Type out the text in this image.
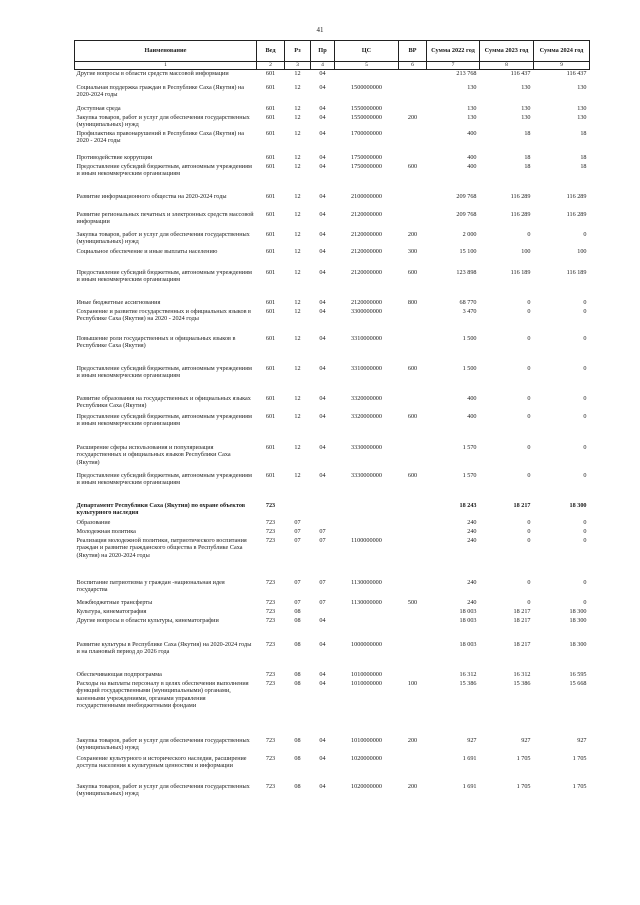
41
Наименование	Вед	Рз	Пр	ЦС	ВР	Сумма 2022 год	Сумма 2023 год	Сумма 2024 год
1	2	3	4	5	6	7	8	9
Другие вопросы в области средств массовой информации	601	12	04			213 768	116 437	116 437
Социальная поддержка граждан в Республике Саха (Якутия) на 2020-2024 годы	601	12	04	1500000000		130	130	130
Доступная среда	601	12	04	1550000000		130	130	130
Закупка товаров, работ и услуг для обеспечения государственных (муниципальных) нужд	601	12	04	1550000000	200	130	130	130
Профилактика правонарушений в Республике Саха (Якутия) на 2020 - 2024 годы	601	12	04	1700000000		400	18	18
Противодействие коррупции	601	12	04	1750000000		400	18	18
Предоставление субсидий бюджетным, автономным учреждениям и иным некоммерческим организациям	601	12	04	1750000000	600	400	18	18
Развитие информационного общества на 2020-2024 годы	601	12	04	2100000000		209 768	116 289	116 289
Развитие региональных печатных и электронных средств массовой информации	601	12	04	2120000000		209 768	116 289	116 289
Закупка товаров, работ и услуг для обеспечения государственных (муниципальных) нужд	601	12	04	2120000000	200	2 000	0	0
Социальное обеспечение и иные выплаты населению	601	12	04	2120000000	300	15 100	100	100
Предоставление субсидий бюджетным, автономным учреждениям и иным некоммерческим организациям	601	12	04	2120000000	600	123 898	116 189	116 189
Иные бюджетные ассигнования	601	12	04	2120000000	800	68 770	0	0
Сохранение и развитие государственных и официальных языков в Республике Саха (Якутия) на 2020 - 2024 годы	601	12	04	3300000000		3 470	0	0
Повышение роли государственных и официальных языков в Республике Саха (Якутия)	601	12	04	3310000000		1 500	0	0
Предоставление субсидий бюджетным, автономным учреждениям и иным некоммерческим организациям	601	12	04	3310000000	600	1 500	0	0
Развитие образования на государственных и официальных языках Республики Саха (Якутия)	601	12	04	3320000000		400	0	0
Предоставление субсидий бюджетным, автономным учреждениям и иным некоммерческим организациям	601	12	04	3320000000	600	400	0	0
Расширение сферы использования и популяризация государственных и официальных языков Республики Саха (Якутия)	601	12	04	3330000000		1 570	0	0
Предоставление субсидий бюджетным, автономным учреждениям и иным некоммерческим организациям	601	12	04	3330000000	600	1 570	0	0
Департамент Республики Саха (Якутия) по охране объектов культурного наследия	723					18 243	18 217	18 300
Образование	723	07				240	0	0
Молодежная политика	723	07	07			240	0	0
Реализация молодежной политики, патриотического воспитания граждан и развитие гражданского общества в Республике Саха (Якутия) на 2020-2024 годы	723	07	07	1100000000		240	0	0
Воспитание патриотизма у граждан -национальная идея государства	723	07	07	1130000000		240	0	0
Межбюджетные трансферты	723	07	07	1130000000	500	240	0	0
Культура, кинематография	723	08				18 003	18 217	18 300
Другие вопросы в области культуры, кинематографии	723	08	04			18 003	18 217	18 300
Развитие культуры в Республике Саха (Якутия) на 2020-2024 годы и на плановый период до 2026 года	723	08	04	1000000000		18 003	18 217	18 300
Обеспечивающая подпрограмма	723	08	04	1010000000		16 312	16 312	16 595
Расходы на выплаты персоналу в целях обеспечения выполнения функций государственными (муниципальными) органами, казенными учреждениями, органами управления государственными внебюджетными фондами	723	08	04	1010000000	100	15 386	15 386	15 668
Закупка товаров, работ и услуг для обеспечения государственных (муниципальных) нужд	723	08	04	1010000000	200	927	927	927
Сохранение культурного и исторического наследия, расширение доступа населения к культурным ценностям и информации	723	08	04	1020000000		1 691	1 705	1 705
Закупка товаров, работ и услуг для обеспечения государственных (муниципальных) нужд	723	08	04	1020000000	200	1 691	1 705	1 705
